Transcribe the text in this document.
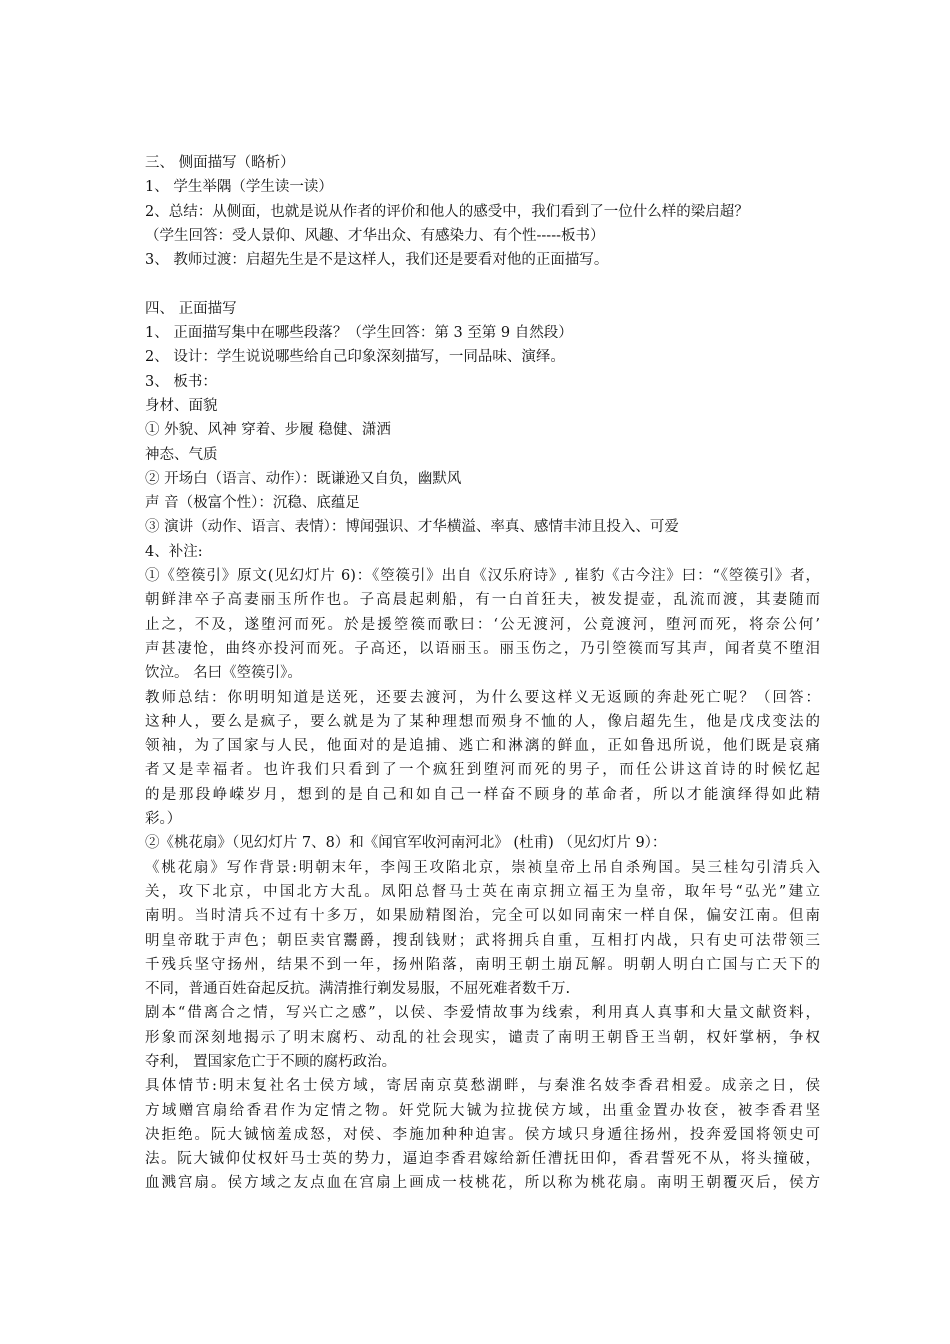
三、 侧面描写（略析）
1、 学生举隅（学生读一读）
2、总结：从侧面，也就是说从作者的评价和他人的感受中，我们看到了一位什么样的梁启超？
（学生回答：受人景仰、风趣、才华出众、有感染力、有个性-----板书）
3、 教师过渡：启超先生是不是这样人，我们还是要看对他的正面描写。
四、 正面描写
1、 正面描写集中在哪些段落？（学生回答：第 3 至第 9 自然段）
2、 设计：学生说说哪些给自己印象深刻描写，一同品味、演绎。
3、 板书：
身材、面貌
① 外貌、风神 穿着、步履 稳健、潇洒
神态、气质
② 开场白（语言、动作）：既谦逊又自负，幽默风
声 音（极富个性）：沉稳、底蕴足
③ 演讲（动作、语言、表情）：博闻强识、才华横溢、率真、感情丰沛且投入、可爱
4、补注:
①《箜篌引》原文(见幻灯片 6)：《箜篌引》出自《汉乐府诗》, 崔豹《古今注》曰：“《箜篌引》者，
朝鲜津卒子高妻丽玉所作也。子高晨起刺船，有一白首狂夫，被发提壶，乱流而渡，其妻随而
止之，不及，遂堕河而死。於是援箜篌而歌曰：‘公无渡河，公竟渡河，堕河而死，将奈公何’
声甚凄怆，曲终亦投河而死。子高还，以语丽玉。丽玉伤之，乃引箜篌而写其声，闻者莫不堕泪
饮泣。 名曰《箜篌引》。
教师总结：你明明知道是送死，还要去渡河，为什么要这样义无返顾的奔赴死亡呢？（回答：
这种人，要么是疯子，要么就是为了某种理想而殒身不恤的人，像启超先生，他是戊戌变法的
领袖，为了国家与人民，他面对的是追捕、逃亡和淋漓的鲜血，正如鲁迅所说，他们既是哀痛
者又是幸福者。也许我们只看到了一个疯狂到堕河而死的男子，而任公讲这首诗的时候忆起
的是那段峥嵘岁月，想到的是自己和如自己一样奋不顾身的革命者，所以才能演绎得如此精
彩。）
②《桃花扇》（见幻灯片 7、8）和《闻官军收河南河北》 (杜甫) （见幻灯片 9）：
《桃花扇》写作背景:明朝末年，李闯王攻陷北京，崇祯皇帝上吊自杀殉国。吴三桂勾引清兵入
关，攻下北京，中国北方大乱。凤阳总督马士英在南京拥立福王为皇帝，取年号“弘光”建立
南明。当时清兵不过有十多万，如果励精图治，完全可以如同南宋一样自保，偏安江南。但南
明皇帝耽于声色；朝臣卖官鬻爵，搜刮钱财；武将拥兵自重，互相打内战，只有史可法带领三
千残兵坚守扬州，结果不到一年，扬州陷落，南明王朝土崩瓦解。明朝人明白亡国与亡天下的
不同，普通百姓奋起反抗。满清推行剃发易服，不屈死难者数千万.
剧本“借离合之情，写兴亡之感”，以侯、李爱情故事为线索，利用真人真事和大量文献资料，
形象而深刻地揭示了明末腐朽、动乱的社会现实，谴责了南明王朝昏王当朝，权奸掌柄，争权
夺利， 置国家危亡于不顾的腐朽政治。
具体情节:明末复社名士侯方域，寄居南京莫愁湖畔，与秦淮名妓李香君相爱。成亲之日，侯
方域赠宫扇给香君作为定情之物。奸党阮大铖为拉拢侯方域，出重金置办妆奁，被李香君坚
决拒绝。阮大铖恼羞成怒，对侯、李施加种种迫害。侯方域只身遁往扬州，投奔爱国将领史可
法。阮大铖仰仗权奸马士英的势力，逼迫李香君嫁给新任漕抚田仰，香君誓死不从，将头撞破，
血溅宫扇。侯方域之友点血在宫扇上画成一枝桃花，所以称为桃花扇。南明王朝覆灭后，侯方
